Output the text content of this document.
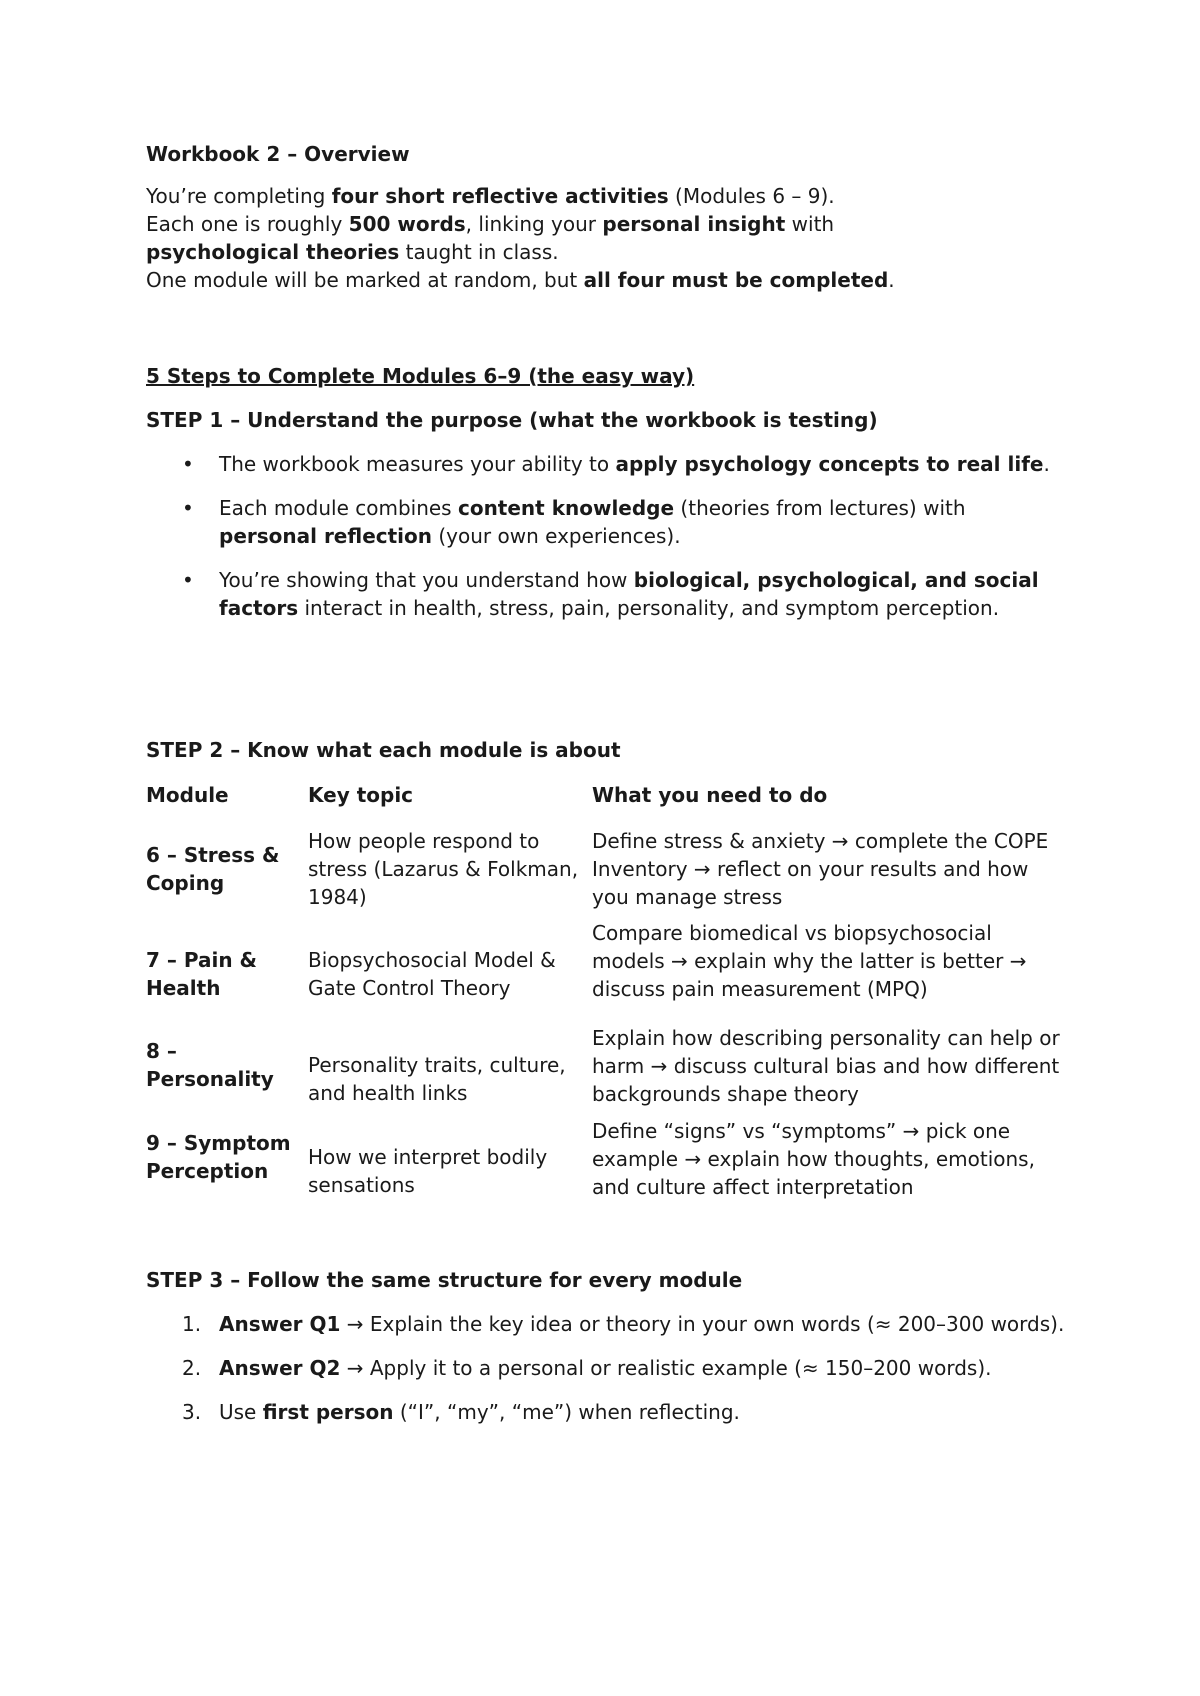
Workbook 2 – Overview
You’re completing four short reflective activities (Modules 6 – 9).
Each one is roughly 500 words, linking your personal insight with
psychological theories taught in class.
One module will be marked at random, but all four must be completed.
5 Steps to Complete Modules 6–9 (the easy way)
STEP 1 – Understand the purpose (what the workbook is testing)
• The workbook measures your ability to apply psychology concepts to real life.
• Each module combines content knowledge (theories from lectures) with personal reflection (your own experiences).
• You’re showing that you understand how biological, psychological, and social factors interact in health, stress, pain, personality, and symptom perception.
STEP 2 – Know what each module is about
Module	Key topic	What you need to do
6 – Stress & Coping
How people respond to stress (Lazarus & Folkman, 1984)
Define stress & anxiety → complete the COPE Inventory → reflect on your results and how you manage stress
7 – Pain & Health
Biopsychosocial Model & Gate Control Theory
Compare biomedical vs biopsychosocial models → explain why the latter is better → discuss pain measurement (MPQ)
8 – Personality
Personality traits, culture, and health links
Explain how describing personality can help or harm → discuss cultural bias and how different backgrounds shape theory
9 – Symptom Perception
How we interpret bodily sensations
Define “signs” vs “symptoms” → pick one example → explain how thoughts, emotions, and culture affect interpretation
STEP 3 – Follow the same structure for every module
1. Answer Q1 → Explain the key idea or theory in your own words (≈ 200–300 words).
2. Answer Q2 → Apply it to a personal or realistic example (≈ 150–200 words).
3. Use first person (“I”, “my”, “me”) when reflecting.
